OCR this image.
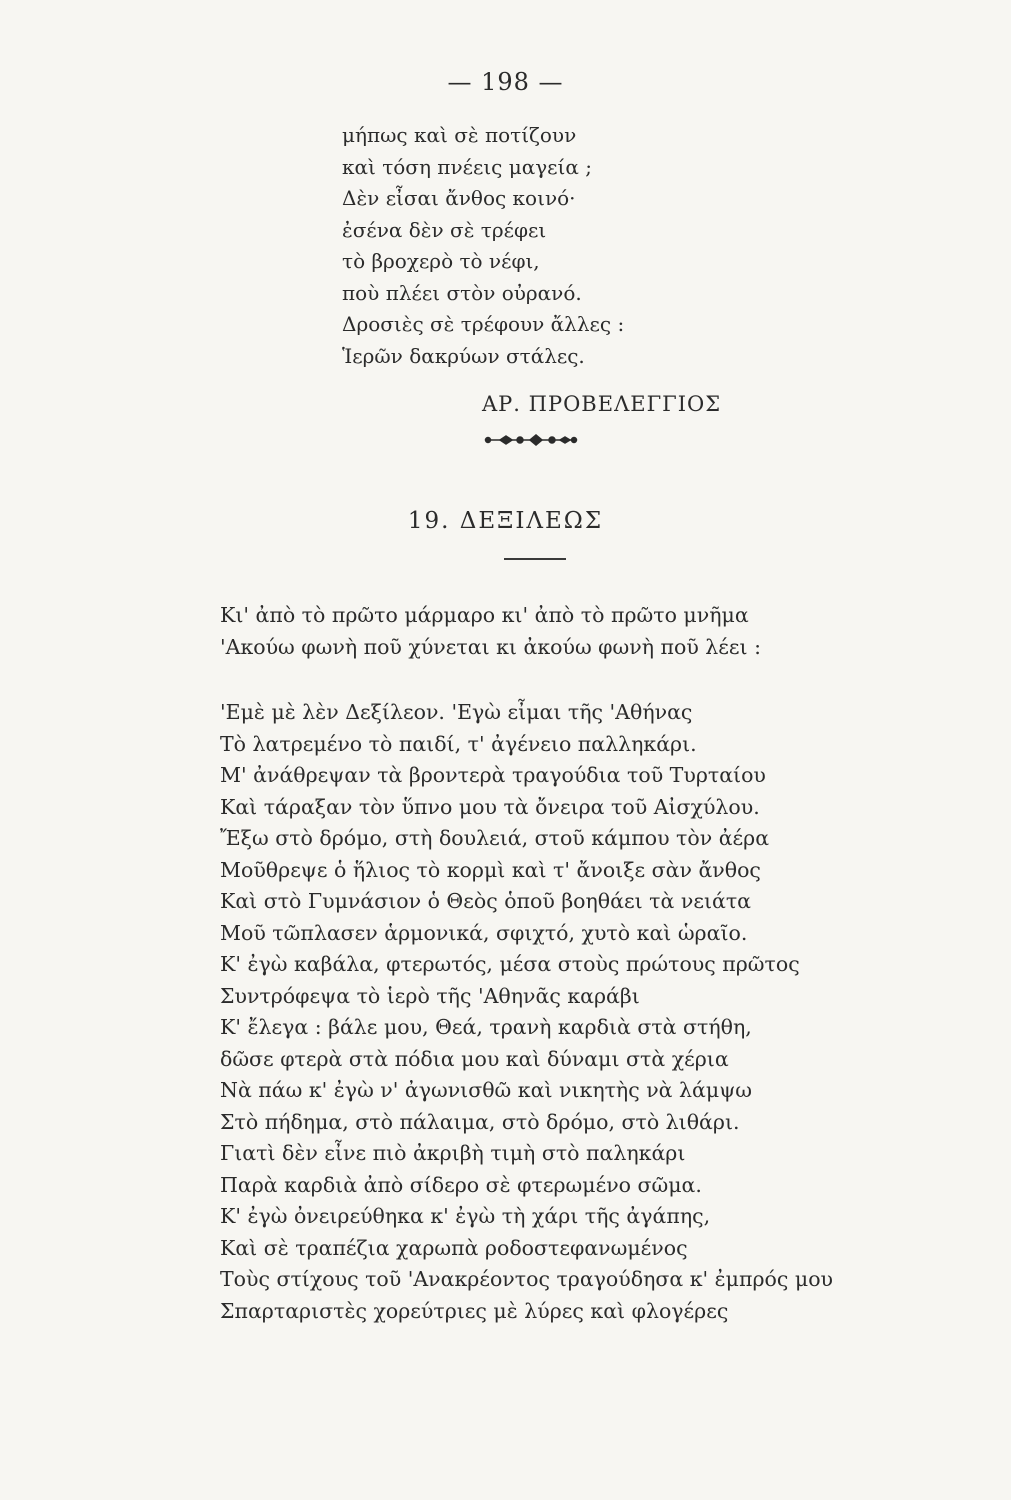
— 198 —
μήπως καὶ σὲ ποτίζουν
καὶ τόση πνέεις μαγεία ;
Δὲν εἶσαι ἄνθος κοινό·
ἐσένα δὲν σὲ τρέφει
τὸ βροχερὸ τὸ νέφι,
ποὺ πλέει στὸν οὐρανό.
Δροσιὲς σὲ τρέφουν ἄλλες :
Ἱερῶν δακρύων στάλες.
ΑΡ. ΠΡΟΒΕΛΕΓΓΙΟΣ
19. ΔΕΞΙΛΕΩΣ
Κι' ἀπὸ τὸ πρῶτο μάρμαρο κι' ἀπὸ τὸ πρῶτο μνῆμα
'Ακούω φωνὴ ποῦ χύνεται κι ἀκούω φωνὴ ποῦ λέει :
'Εμὲ μὲ λὲν Δεξίλεον. 'Εγὼ εἶμαι τῆς 'Αθήνας
Τὸ λατρεμένο τὸ παιδί, τ' ἀγένειο παλληκάρι.
Μ' ἀνάθρεψαν τὰ βροντερὰ τραγούδια τοῦ Τυρταίου
Καὶ τάραξαν τὸν ὕπνο μου τὰ ὄνειρα τοῦ Αἰσχύλου.
Ἔξω στὸ δρόμο, στὴ δουλειά, στοῦ κάμπου τὸν ἀέρα
Μοῦθρεψε ὁ ἥλιος τὸ κορμὶ καὶ τ' ἄνοιξε σὰν ἄνθος
Καὶ στὸ Γυμνάσιον ὁ Θεὸς ὁποῦ βοηθάει τὰ νειάτα
Μοῦ τῶπλασεν ἁρμονικά, σφιχτό, χυτὸ καὶ ὡραῖο.
Κ' ἐγὼ καβάλα, φτερωτός, μέσα στοὺς πρώτους πρῶτος
Συντρόφεψα τὸ ἱερὸ τῆς 'Αθηνᾶς καράβι
Κ' ἔλεγα : βάλε μου, Θεά, τρανὴ καρδιὰ στὰ στήθη,
δῶσε φτερὰ στὰ πόδια μου καὶ δύναμι στὰ χέρια
Νὰ πάω κ' ἐγὼ ν' ἀγωνισθῶ καὶ νικητὴς νὰ λάμψω
Στὸ πήδημα, στὸ πάλαιμα, στὸ δρόμο, στὸ λιθάρι.
Γιατὶ δὲν εἶνε πιὸ ἀκριβὴ τιμὴ στὸ παληκάρι
Παρὰ καρδιὰ ἀπὸ σίδερο σὲ φτερωμένο σῶμα.
Κ' ἐγὼ ὀνειρεύθηκα κ' ἐγὼ τὴ χάρι τῆς ἀγάπης,
Καὶ σὲ τραπέζια χαρωπὰ ροδοστεφανωμένος
Τοὺς στίχους τοῦ 'Ανακρέοντος τραγούδησα κ' ἐμπρός μου
Σπαρταριστὲς χορεύτριες μὲ λύρες καὶ φλογέρες
